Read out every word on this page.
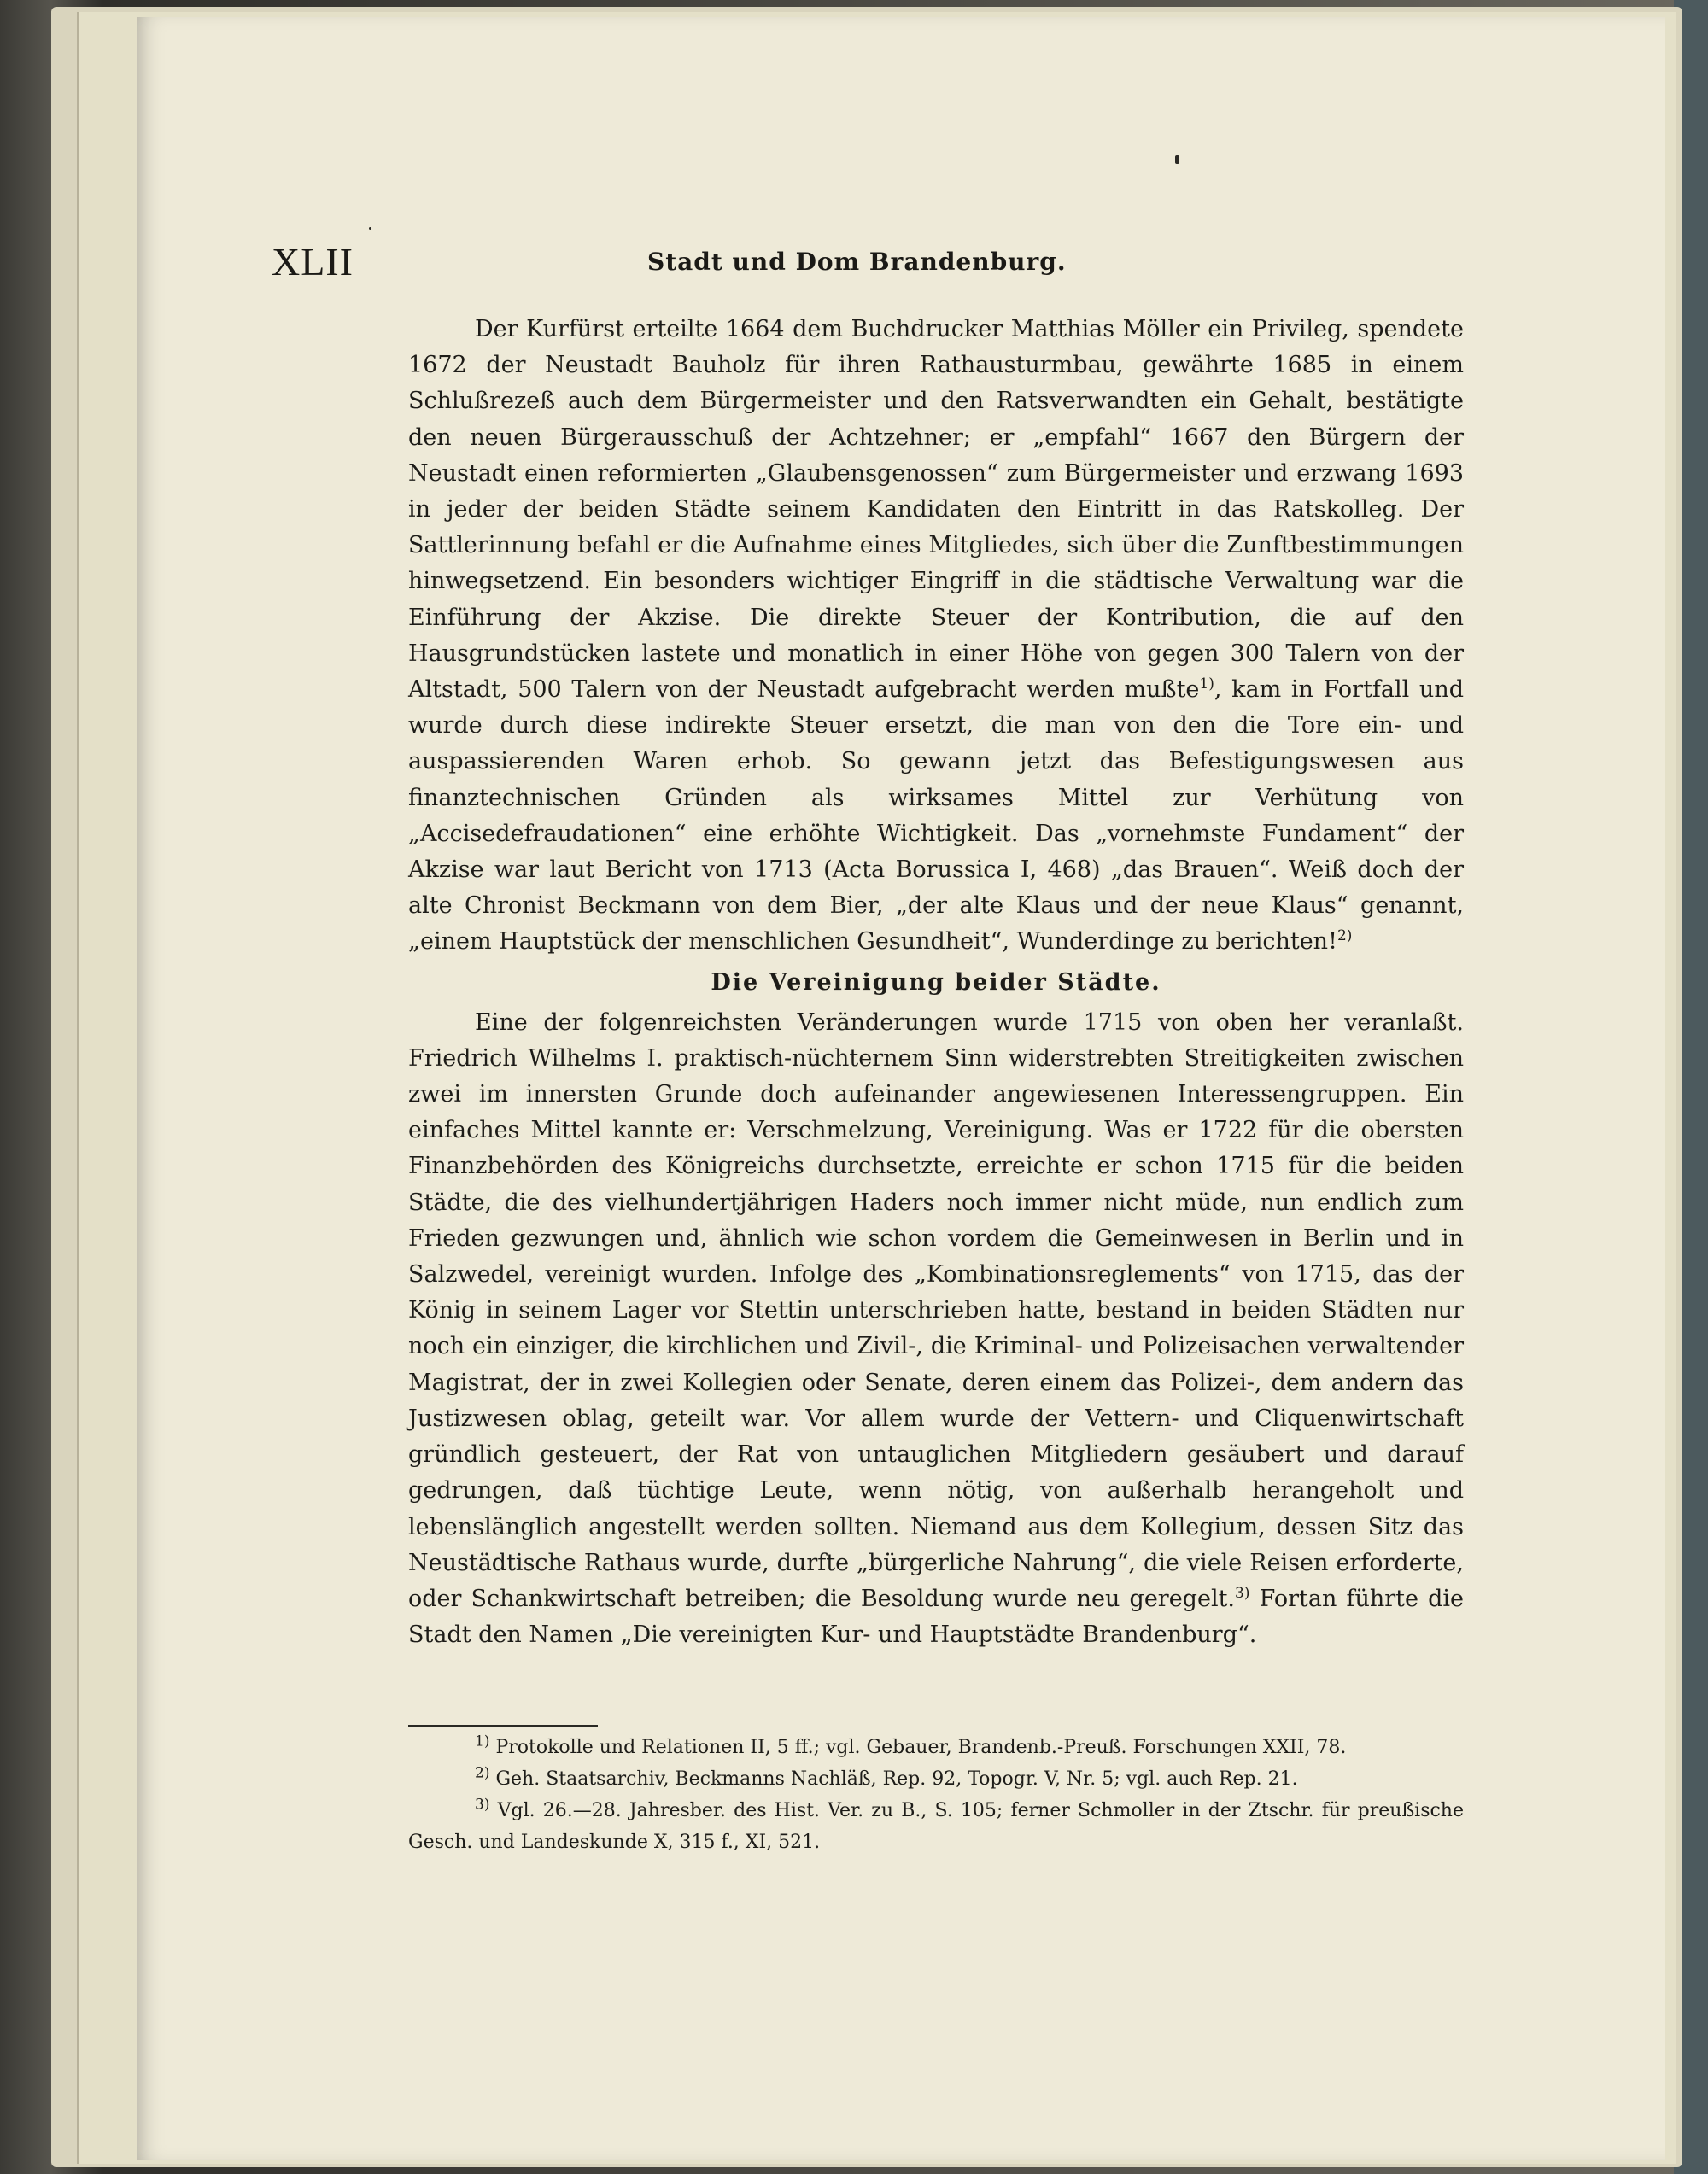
XLII	Stadt und Dom Brandenburg.

Der Kurfürst erteilte 1664 dem Buchdrucker Matthias Möller ein Privileg, spendete 1672 der Neustadt Bauholz für ihren Rathausturmbau, gewährte 1685 in einem Schlußrezeß auch dem Bürgermeister und den Ratsverwandten ein Gehalt, bestätigte den neuen Bürgerausschuß der Achtzehner; er „empfahl“ 1667 den Bürgern der Neustadt einen reformierten „Glaubensgenossen“ zum Bürgermeister und erzwang 1693 in jeder der beiden Städte seinem Kandidaten den Eintritt in das Ratskolleg. Der Sattlerinnung befahl er die Aufnahme eines Mitgliedes, sich über die Zunftbestimmungen hinwegsetzend. Ein besonders wichtiger Eingriff in die städtische Verwaltung war die Einführung der Akzise. Die direkte Steuer der Kontribution, die auf den Hausgrundstücken lastete und monatlich in einer Höhe von gegen 300 Talern von der Altstadt, 500 Talern von der Neustadt aufgebracht werden mußte$^{1)}$, kam in Fortfall und wurde durch diese indirekte Steuer ersetzt, die man von den die Tore ein- und auspassierenden Waren erhob. So gewann jetzt das Befestigungswesen aus finanztechnischen Gründen als wirksames Mittel zur Verhütung von „Accisedefraudationen“ eine erhöhte Wichtigkeit. Das „vornehmste Fundament“ der Akzise war laut Bericht von 1713 (Acta Borussica I, 468) „das Brauen“. Weiß doch der alte Chronist Beckmann von dem Bier, „der alte Klaus und der neue Klaus“ genannt, „einem Hauptstück der menschlichen Gesundheit“, Wunderdinge zu berichten!$^{2)}$

Die Vereinigung beider Städte.

Eine der folgenreichsten Veränderungen wurde 1715 von oben her veranlaßt. Friedrich Wilhelms I. praktisch-nüchternem Sinn widerstrebten Streitigkeiten zwischen zwei im innersten Grunde doch aufeinander angewiesenen Interessengruppen. Ein einfaches Mittel kannte er: Verschmelzung, Vereinigung. Was er 1722 für die obersten Finanzbehörden des Königreichs durchsetzte, erreichte er schon 1715 für die beiden Städte, die des vielhundertjährigen Haders noch immer nicht müde, nun endlich zum Frieden gezwungen und, ähnlich wie schon vordem die Gemeinwesen in Berlin und in Salzwedel, vereinigt wurden. Infolge des „Kombinationsreglements“ von 1715, das der König in seinem Lager vor Stettin unterschrieben hatte, bestand in beiden Städten nur noch ein einziger, die kirchlichen und Zivil-, die Kriminal- und Polizeisachen verwaltender Magistrat, der in zwei Kollegien oder Senate, deren einem das Polizei-, dem andern das Justizwesen oblag, geteilt war. Vor allem wurde der Vettern- und Cliquenwirtschaft gründlich gesteuert, der Rat von untauglichen Mitgliedern gesäubert und darauf gedrungen, daß tüchtige Leute, wenn nötig, von außerhalb herangeholt und lebenslänglich angestellt werden sollten. Niemand aus dem Kollegium, dessen Sitz das Neustädtische Rathaus wurde, durfte „bürgerliche Nahrung“, die viele Reisen erforderte, oder Schankwirtschaft betreiben; die Besoldung wurde neu geregelt.$^{3)}$ Fortan führte die Stadt den Namen „Die vereinigten Kur- und Hauptstädte Brandenburg“.

$^{1)}$ Protokolle und Relationen II, 5 ff.; vgl. Gebauer, Brandenb.-Preuß. Forschungen XXII, 78.

$^{2)}$ Geh. Staatsarchiv, Beckmanns Nachläß, Rep. 92, Topogr. V, Nr. 5; vgl. auch Rep. 21.

$^{3)}$ Vgl. 26.—28. Jahresber. des Hist. Ver. zu B., S. 105; ferner Schmoller in der Ztschr. für preußische Gesch. und Landeskunde X, 315 f., XI, 521.
